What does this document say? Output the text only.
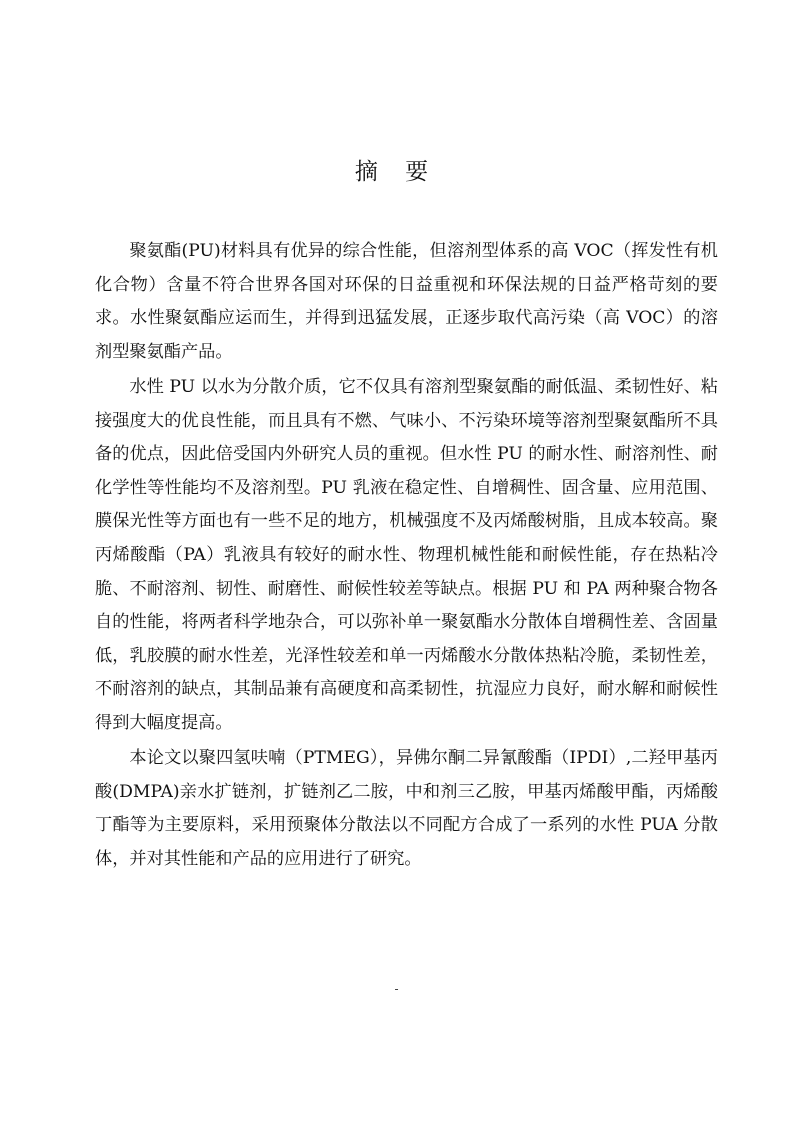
摘 要

聚氨酯(PU)材料具有优异的综合性能，但溶剂型体系的高 VOC（挥发性有机化合物）含量不符合世界各国对环保的日益重视和环保法规的日益严格苛刻的要求。水性聚氨酯应运而生，并得到迅猛发展，正逐步取代高污染（高 VOC）的溶剂型聚氨酯产品。

水性 PU 以水为分散介质，它不仅具有溶剂型聚氨酯的耐低温、柔韧性好、粘接强度大的优良性能，而且具有不燃、气味小、不污染环境等溶剂型聚氨酯所不具备的优点，因此倍受国内外研究人员的重视。但水性 PU 的耐水性、耐溶剂性、耐化学性等性能均不及溶剂型。PU 乳液在稳定性、自增稠性、固含量、应用范围、膜保光性等方面也有一些不足的地方，机械强度不及丙烯酸树脂，且成本较高。聚丙烯酸酯（PA）乳液具有较好的耐水性、物理机械性能和耐候性能，存在热粘冷脆、不耐溶剂、韧性、耐磨性、耐候性较差等缺点。根据 PU 和 PA 两种聚合物各自的性能，将两者科学地杂合，可以弥补单一聚氨酯水分散体自增稠性差、含固量低，乳胶膜的耐水性差，光泽性较差和单一丙烯酸水分散体热粘冷脆，柔韧性差，不耐溶剂的缺点，其制品兼有高硬度和高柔韧性，抗湿应力良好，耐水解和耐候性得到大幅度提高。

本论文以聚四氢呋喃（PTMEG），异佛尔酮二异氰酸酯（IPDI）,二羟甲基丙酸(DMPA)亲水扩链剂，扩链剂乙二胺，中和剂三乙胺，甲基丙烯酸甲酯，丙烯酸丁酯等为主要原料，采用预聚体分散法以不同配方合成了一系列的水性 PUA 分散体，并对其性能和产品的应用进行了研究。

-
